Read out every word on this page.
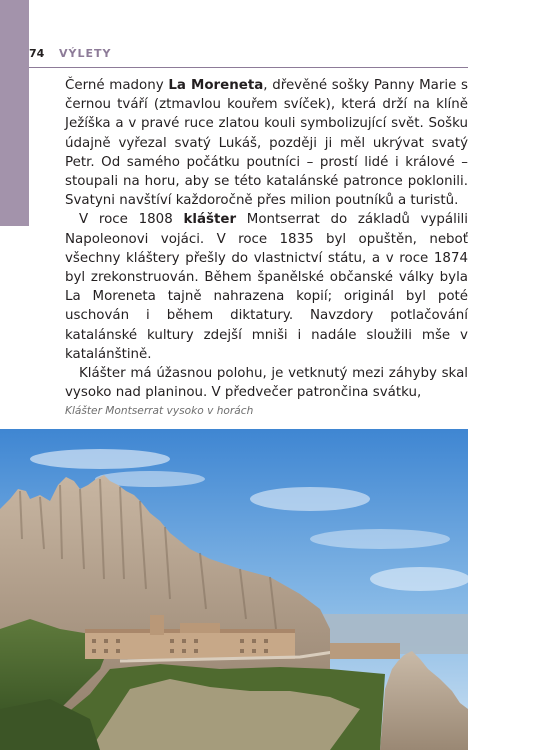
74	VÝLETY

Černé madony La Moreneta, dřevěné sošky Panny Marie s černou tváří (ztmavlou kouřem svíček), která drží na klíně Ježíška a v pravé ruce zlatou kouli symbolizující svět. Sošku údajně vyřezal svatý Lukáš, později ji měl ukrývat svatý Petr. Od samého počátku poutníci – prostí lidé i králové – stoupali na horu, aby se této katalánské patronce poklonili. Svatyni navštíví každoročně přes milion poutníků a turistů.

V roce 1808 klášter Montserrat do základů vypálili Napoleonovi vojáci. V roce 1835 byl opuštěn, neboť všechny kláštery přešly do vlastnictví státu, a v roce 1874 byl zrekonstruován. Během španělské občanské války byla La Moreneta tajně nahrazena kopií; originál byl poté uschován i během diktatury. Navzdory potlačování katalánské kultury zdejší mniši i nadále sloužili mše v katalánštině.

Klášter má úžasnou polohu, je vetknutý mezi záhyby skal vysoko nad planinou. V předvečer patrončina svátku,

Klášter Montserrat vysoko v horách
